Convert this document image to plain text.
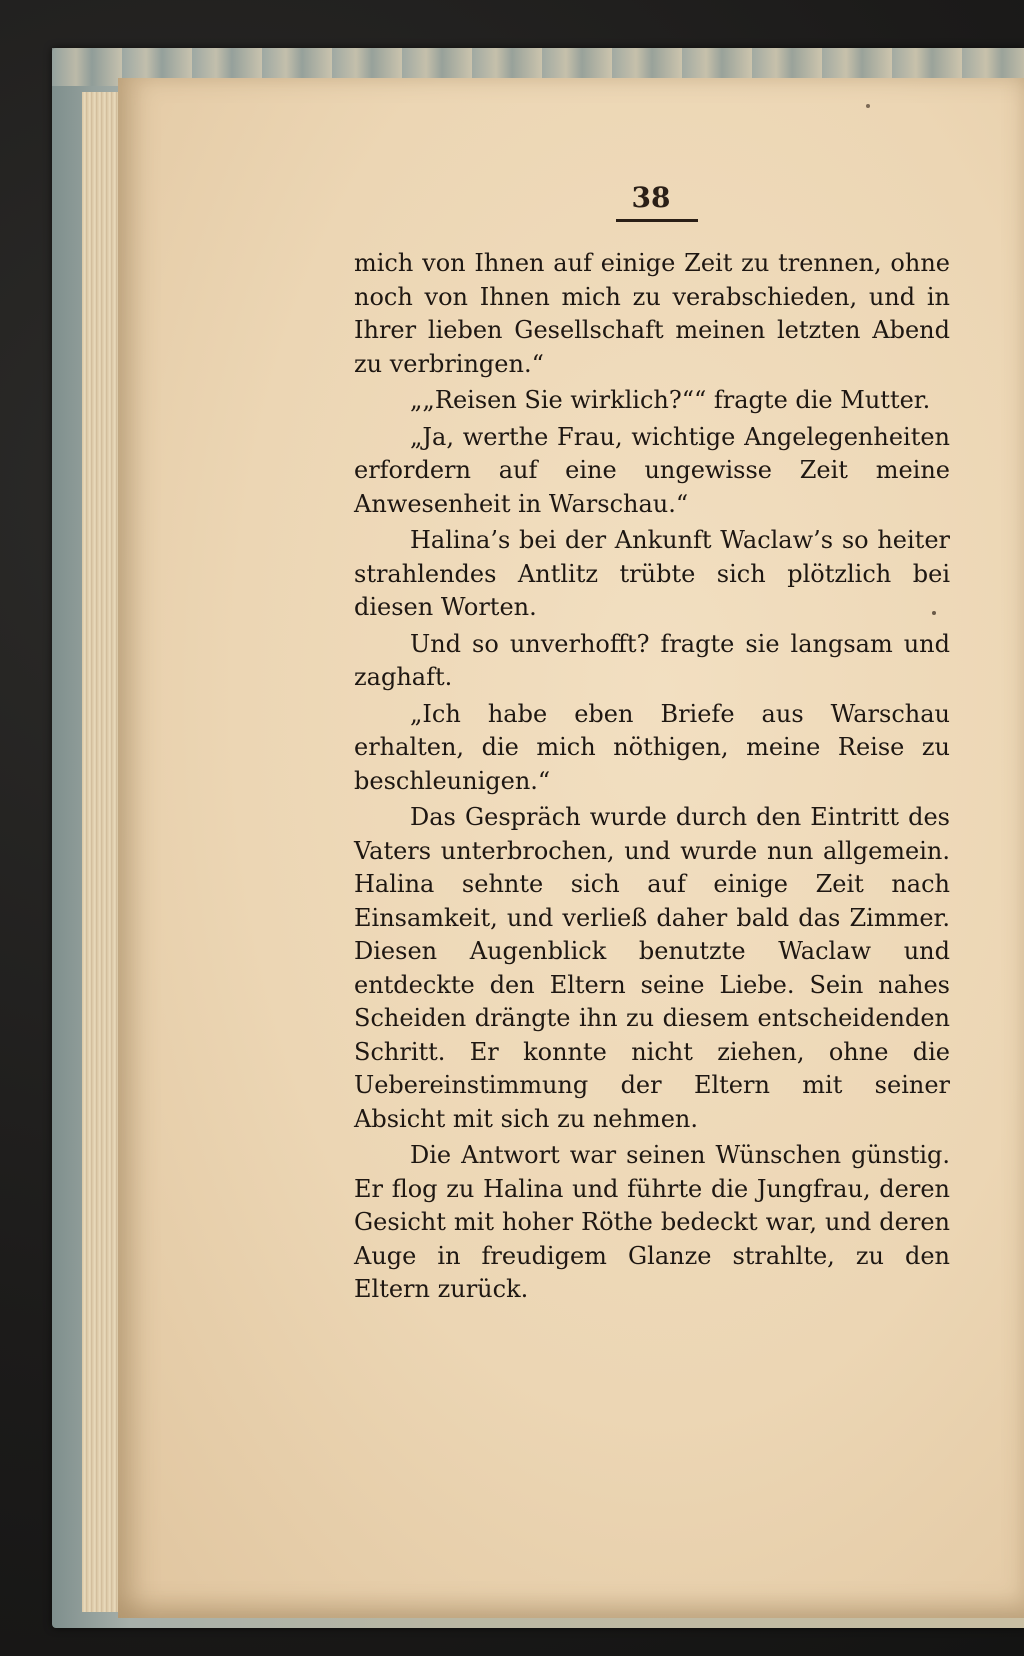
38

mich von Ihnen auf einige Zeit zu trennen, ohne noch von Ihnen mich zu verabschieden, und in Ihrer lieben Gesellschaft meinen letzten Abend zu verbringen.“

„„Reisen Sie wirklich?““ fragte die Mutter.

„Ja, werthe Frau, wichtige Angelegenheiten erfordern auf eine ungewisse Zeit meine Anwesenheit in Warschau.“

Halina’s bei der Ankunft Waclaw’s so heiter strahlendes Antlitz trübte sich plötzlich bei diesen Worten.

Und so unverhofft? fragte sie langsam und zaghaft.

„Ich habe eben Briefe aus Warschau erhalten, die mich nöthigen, meine Reise zu beschleunigen.“

Das Gespräch wurde durch den Eintritt des Vaters unterbrochen, und wurde nun allgemein. Halina sehnte sich auf einige Zeit nach Einsamkeit, und verließ daher bald das Zimmer. Diesen Augenblick benutzte Waclaw und entdeckte den Eltern seine Liebe. Sein nahes Scheiden drängte ihn zu diesem entscheidenden Schritt. Er konnte nicht ziehen, ohne die Uebereinstimmung der Eltern mit seiner Absicht mit sich zu nehmen.

Die Antwort war seinen Wünschen günstig. Er flog zu Halina und führte die Jungfrau, deren Gesicht mit hoher Röthe bedeckt war, und deren Auge in freudigem Glanze strahlte, zu den Eltern zurück.
